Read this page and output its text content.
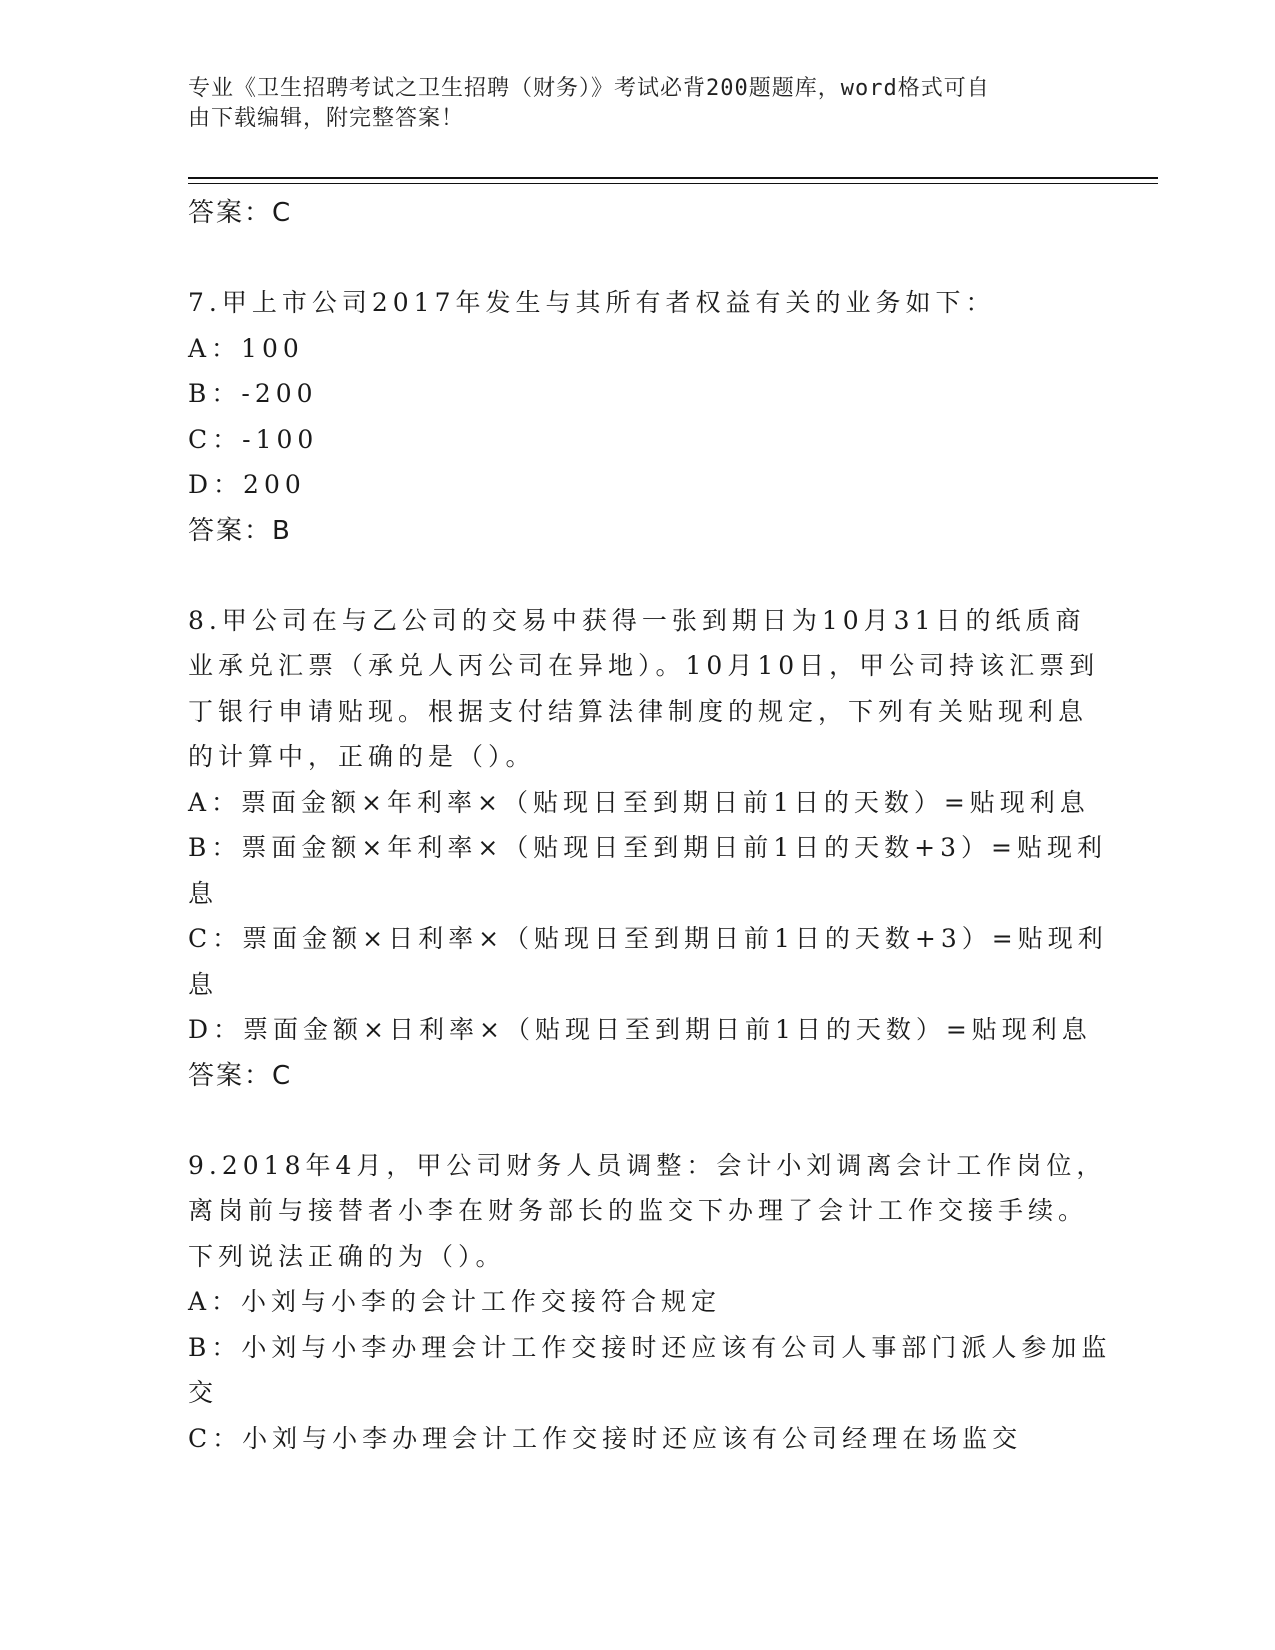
专业《卫生招聘考试之卫生招聘（财务）》考试必背200题题库，word格式可自
由下载编辑，附完整答案！
答案：C
7.甲上市公司2017年发生与其所有者权益有关的业务如下：
A：100
B：-200
C：-100
D：200
答案：B
8.甲公司在与乙公司的交易中获得一张到期日为10月31日的纸质商
业承兑汇票（承兑人丙公司在异地）。10月10日，甲公司持该汇票到
丁银行申请贴现。根据支付结算法律制度的规定，下列有关贴现利息
的计算中，正确的是（）。
A：票面金额×年利率×（贴现日至到期日前1日的天数）=贴现利息
B：票面金额×年利率×（贴现日至到期日前1日的天数+3）=贴现利
息
C：票面金额×日利率×（贴现日至到期日前1日的天数+3）=贴现利
息
D：票面金额×日利率×（贴现日至到期日前1日的天数）=贴现利息
答案：C
9.2018年4月，甲公司财务人员调整：会计小刘调离会计工作岗位，
离岗前与接替者小李在财务部长的监交下办理了会计工作交接手续。
下列说法正确的为（）。
A：小刘与小李的会计工作交接符合规定
B：小刘与小李办理会计工作交接时还应该有公司人事部门派人参加监
交
C：小刘与小李办理会计工作交接时还应该有公司经理在场监交
